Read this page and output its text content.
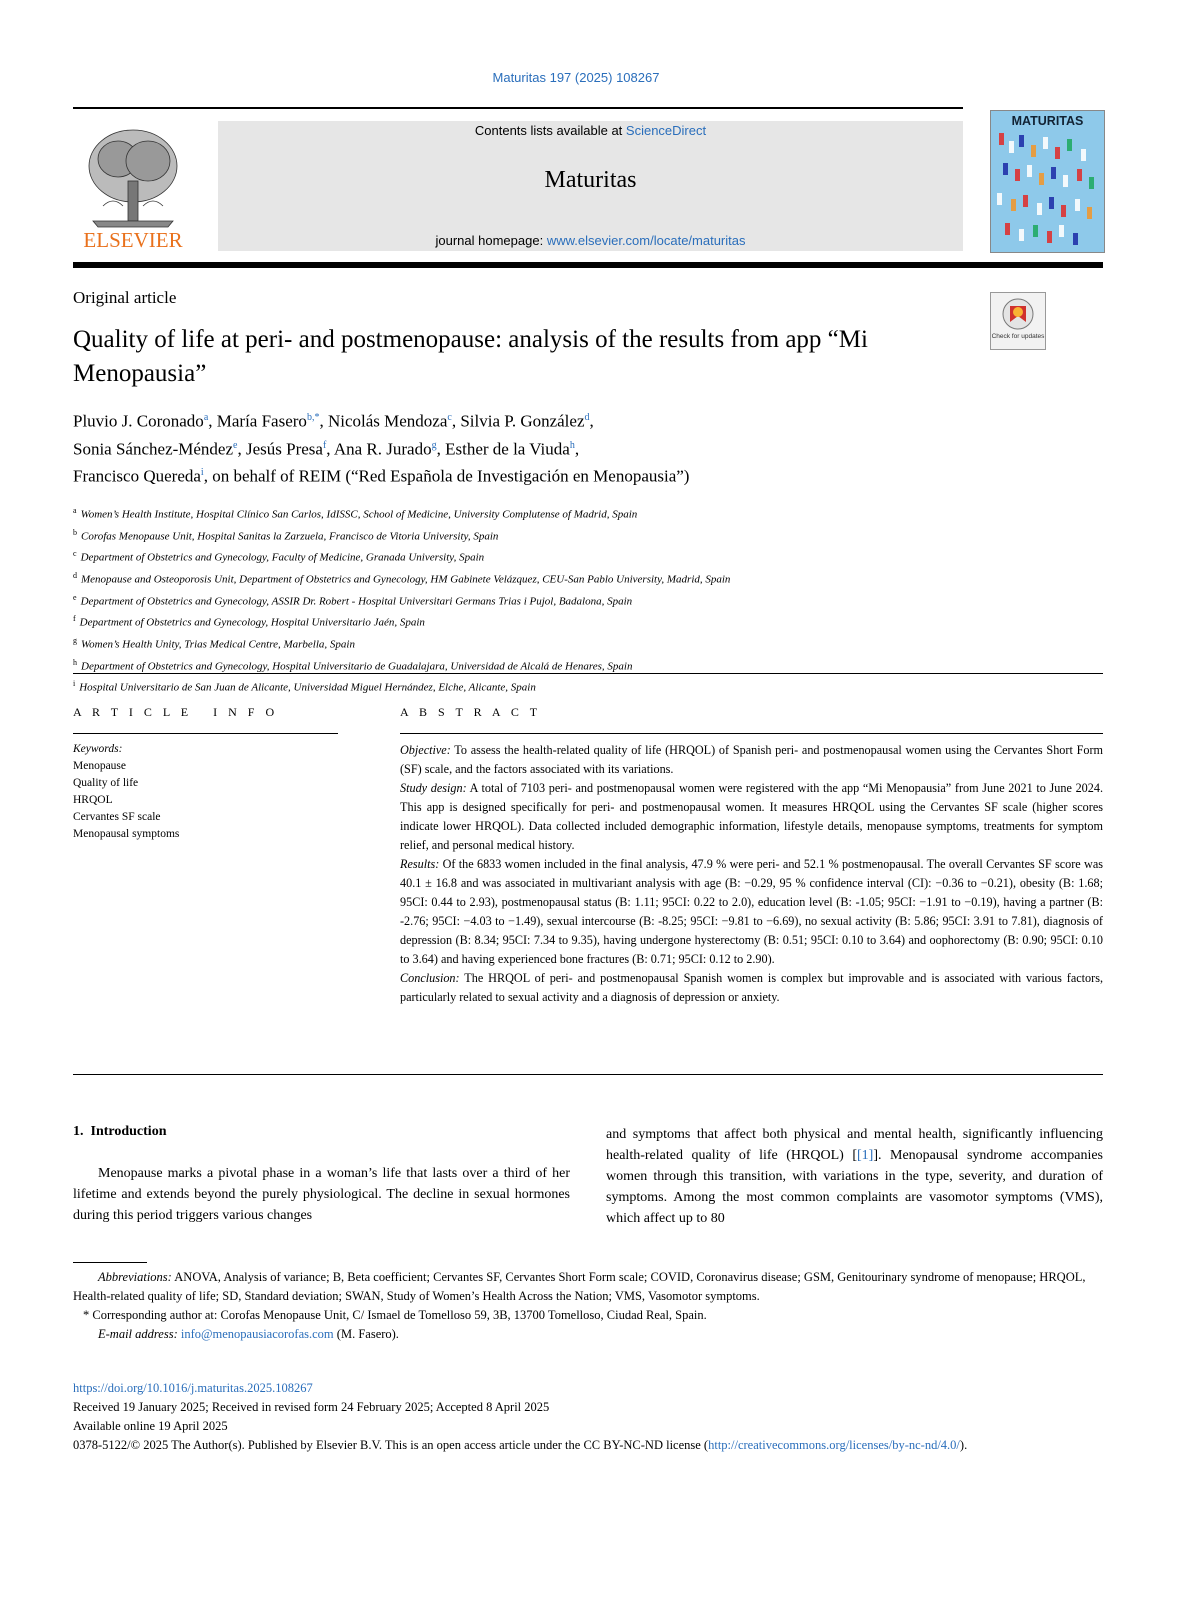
Maturitas 197 (2025) 108267
ELSEVIER
Contents lists available at ScienceDirect
Maturitas
journal homepage: www.elsevier.com/locate/maturitas
MATURITAS
Original article
Check for updates
Quality of life at peri- and postmenopause: analysis of the results from app “Mi Menopausia”
Pluvio J. Coronado$^a$, María Fasero$^{b,*}$, Nicolás Mendoza$^c$, Silvia P. González$^d$,
Sonia Sánchez-Méndez$^e$, Jesús Presa$^f$, Ana R. Jurado$^g$, Esther de la Viuda$^h$,
Francisco Quereda$^i$, on behalf of REIM (“Red Española de Investigación en Menopausia”)
$^a$ Women’s Health Institute, Hospital Clínico San Carlos, IdISSC, School of Medicine, University Complutense of Madrid, Spain
$^b$ Corofas Menopause Unit, Hospital Sanitas la Zarzuela, Francisco de Vitoria University, Spain
$^c$ Department of Obstetrics and Gynecology, Faculty of Medicine, Granada University, Spain
$^d$ Menopause and Osteoporosis Unit, Department of Obstetrics and Gynecology, HM Gabinete Velázquez, CEU-San Pablo University, Madrid, Spain
$^e$ Department of Obstetrics and Gynecology, ASSIR Dr. Robert - Hospital Universitari Germans Trias i Pujol, Badalona, Spain
$^f$ Department of Obstetrics and Gynecology, Hospital Universitario Jaén, Spain
$^g$ Women’s Health Unity, Trias Medical Centre, Marbella, Spain
$^h$ Department of Obstetrics and Gynecology, Hospital Universitario de Guadalajara, Universidad de Alcalá de Henares, Spain
$^i$ Hospital Universitario de San Juan de Alicante, Universidad Miguel Hernández, Elche, Alicante, Spain
A R T I C L E   I N F O	A B S T R A C T
Keywords:
Menopause
Quality of life
HRQOL
Cervantes SF scale
Menopausal symptoms

Objective: To assess the health-related quality of life (HRQOL) of Spanish peri- and postmenopausal women using the Cervantes Short Form (SF) scale, and the factors associated with its variations.

Study design: A total of 7103 peri- and postmenopausal women were registered with the app “Mi Menopausia” from June 2021 to June 2024. This app is designed specifically for peri- and postmenopausal women. It measures HRQOL using the Cervantes SF scale (higher scores indicate lower HRQOL). Data collected included demographic information, lifestyle details, menopause symptoms, treatments for symptom relief, and personal medical history.

Results: Of the 6833 women included in the final analysis, 47.9 % were peri- and 52.1 % postmenopausal. The overall Cervantes SF score was 40.1 ± 16.8 and was associated in multivariant analysis with age (B: −0.29, 95 % confidence interval (CI): −0.36 to −0.21), obesity (B: 1.68; 95CI: 0.44 to 2.93), postmenopausal status (B: 1.11; 95CI: 0.22 to 2.0), education level (B: -1.05; 95CI: −1.91 to −0.19), having a partner (B: -2.76; 95CI: −4.03 to −1.49), sexual intercourse (B: -8.25; 95CI: −9.81 to −6.69), no sexual activity (B: 5.86; 95CI: 3.91 to 7.81), diagnosis of depression (B: 8.34; 95CI: 7.34 to 9.35), having undergone hysterectomy (B: 0.51; 95CI: 0.10 to 3.64) and oophorectomy (B: 0.90; 95CI: 0.10 to 3.64) and having experienced bone fractures (B: 0.71; 95CI: 0.12 to 2.90).

Conclusion: The HRQOL of peri- and postmenopausal Spanish women is complex but improvable and is associated with various factors, particularly related to sexual activity and a diagnosis of depression or anxiety.

1.  Introduction
Menopause marks a pivotal phase in a woman’s life that lasts over a third of her lifetime and extends beyond the purely physiological. The decline in sexual hormones during this period triggers various changes
and symptoms that affect both physical and mental health, significantly influencing health-related quality of life (HRQOL) [[1]]. Menopausal syndrome accompanies women through this transition, with variations in the type, severity, and duration of symptoms. Among the most common complaints are vasomotor symptoms (VMS), which affect up to 80

Abbreviations: ANOVA, Analysis of variance; B, Beta coefficient; Cervantes SF, Cervantes Short Form scale; COVID, Coronavirus disease; GSM, Genitourinary syndrome of menopause; HRQOL, Health-related quality of life; SD, Standard deviation; SWAN, Study of Women’s Health Across the Nation; VMS, Vasomotor symptoms.

* Corresponding author at: Corofas Menopause Unit, C/ Ismael de Tomelloso 59, 3B, 13700 Tomelloso, Ciudad Real, Spain.

E-mail address: info@menopausiacorofas.com (M. Fasero).

https://doi.org/10.1016/j.maturitas.2025.108267
Received 19 January 2025; Received in revised form 24 February 2025; Accepted 8 April 2025
Available online 19 April 2025
0378-5122/© 2025 The Author(s). Published by Elsevier B.V. This is an open access article under the CC BY-NC-ND license (http://creativecommons.org/licenses/by-nc-nd/4.0/).
